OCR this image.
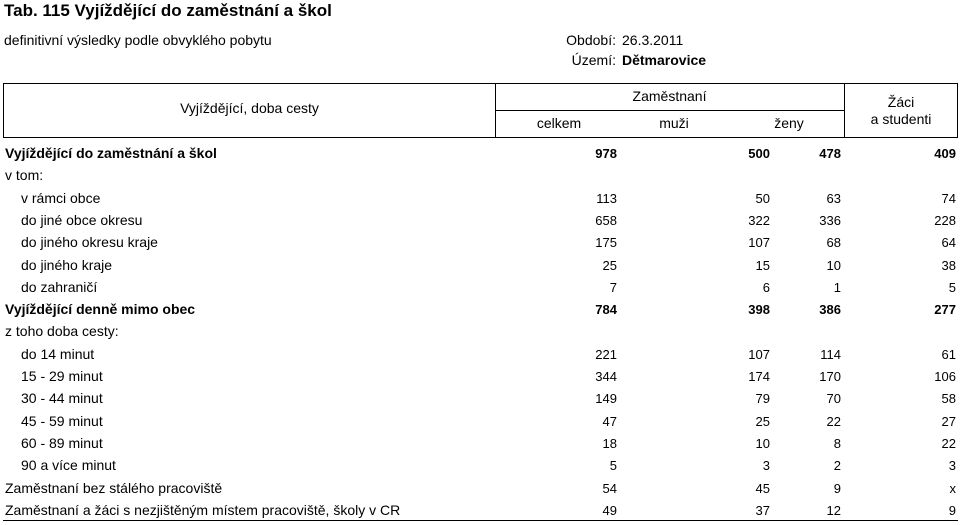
Tab. 115 Vyjíždějící do zaměstnání a škol
definitivní výsledky podle obvyklého pobytu	Období: 26.3.2011
Území: Dětmarovice
Vyjíždějící, doba cesty
Zaměstnaní
celkem	muži	ženy
Žáci
a studenti
Vyjíždějící do zaměstnání a škol	978	500	478	409
v tom:
v rámci obce	113	50	63	74
do jiné obce okresu	658	322	336	228
do jiného okresu kraje	175	107	68	64
do jiného kraje	25	15	10	38
do zahraničí	7	6	1	5
Vyjíždějící denně mimo obec	784	398	386	277
z toho doba cesty:
do 14 minut	221	107	114	61
15 - 29 minut	344	174	170	106
30 - 44 minut	149	79	70	58
45 - 59 minut	47	25	22	27
60 - 89 minut	18	10	8	22
90 a více minut	5	3	2	3
Zaměstnaní bez stálého pracoviště	54	45	9	x
Zaměstnaní a žáci s nezjištěným místem pracoviště, školy v CR	49	37	12	9
